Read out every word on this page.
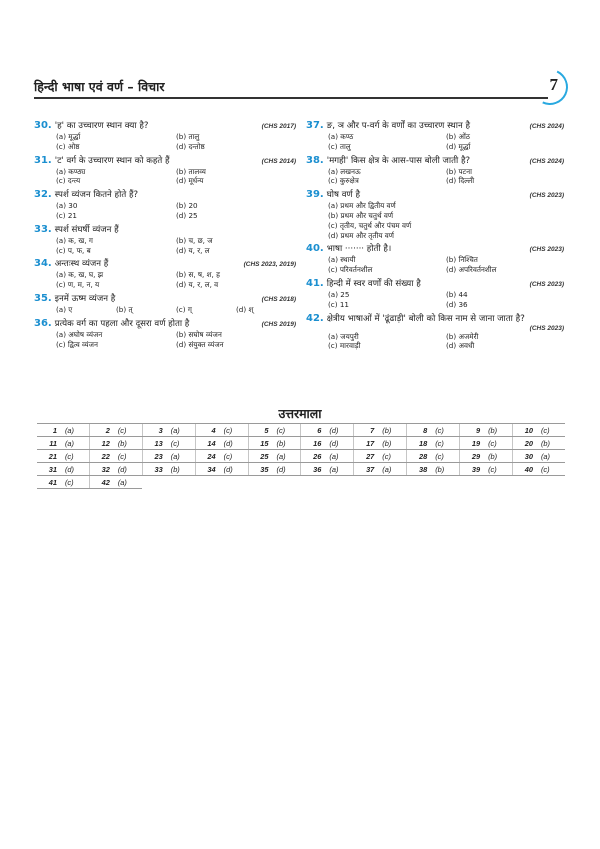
हिन्दी भाषा एवं वर्ण – विचार	7
30. 'ह' का उच्चारण स्थान क्या है?	(CHS 2017)
(a) मूर्द्धा	(b) तालु
(c) ओष्ठ	(d) दन्तोष्ठ
31. 'ट' वर्ग के उच्चारण स्थान को कहते हैं	(CHS 2014)
(a) कण्ठ्य	(b) तालव्य
(c) दन्त्य	(d) मूर्धन्य
32. स्पर्श व्यंजन कितने होते हैं?
(a) 30	(b) 20
(c) 21	(d) 25
33. स्पर्श संघर्षी व्यंजन हैं
(a) क, ख, ग	(b) च, छ, ज
(c) प, फ, ब	(d) य, र, ल
34. अन्तःस्थ व्यंजन हैं	(CHS 2023, 2019)
(a) क, ख, घ, झ	(b) स, ष, श, ह
(c) ण, म, न, य	(d) य, र, ल, व
35. इनमें ऊष्म व्यंजन है	(CHS 2018)
(a) ए	(b) त्	(c) ग्	(d) श्
36. प्रत्येक वर्ग का पहला और दूसरा वर्ण होता है	(CHS 2019)
(a) अघोष व्यंजन	(b) सघोष व्यंजन
(c) द्वित्व व्यंजन	(d) संयुक्त व्यंजन
37. ङ, ञ और प-वर्ग के वर्णों का उच्चारण स्थान है	(CHS 2024)
(a) कण्ठ	(b) ओंठ
(c) तालु	(d) मूर्द्धा
38. 'मगही' किस क्षेत्र के आस-पास बोली जाती है?	(CHS 2024)
(a) लखनऊ	(b) पटना
(c) कुरुक्षेत्र	(d) दिल्ली
39. घोष वर्ण है	(CHS 2023)
(a) प्रथम और द्वितीय वर्ण
(b) प्रथम और चतुर्थ वर्ण
(c) तृतीय, चतुर्थ और पंचम वर्ण
(d) प्रथम और तृतीय वर्ण
40. भाषा ······· होती है।	(CHS 2023)
(a) स्थायी	(b) निश्चित
(c) परिवर्तनशील	(d) अपरिवर्तनशील
41. हिन्दी में स्वर वर्णों की संख्या है	(CHS 2023)
(a) 25	(b) 44
(c) 11	(d) 36
42. क्षेत्रीय भाषाओं में 'ढूंढाड़ी' बोली को किस नाम से जाना जाता है?
(CHS 2023)
(a) जयपुरी	(b) अजमेरी
(c) मारवाड़ी	(d) अवधी
उत्तरमाला
1	(a)	2	(c)	3	(a)	4	(c)	5	(c)	6	(d)	7	(b)	8	(c)	9	(b)	10	(c)
11	(a)	12	(b)	13	(c)	14	(d)	15	(b)	16	(d)	17	(b)	18	(c)	19	(c)	20	(b)
21	(c)	22	(c)	23	(a)	24	(c)	25	(a)	26	(a)	27	(c)	28	(c)	29	(b)	30	(a)
31	(d)	32	(d)	33	(b)	34	(d)	35	(d)	36	(a)	37	(a)	38	(b)	39	(c)	40	(c)
41	(c)	42	(a)																
